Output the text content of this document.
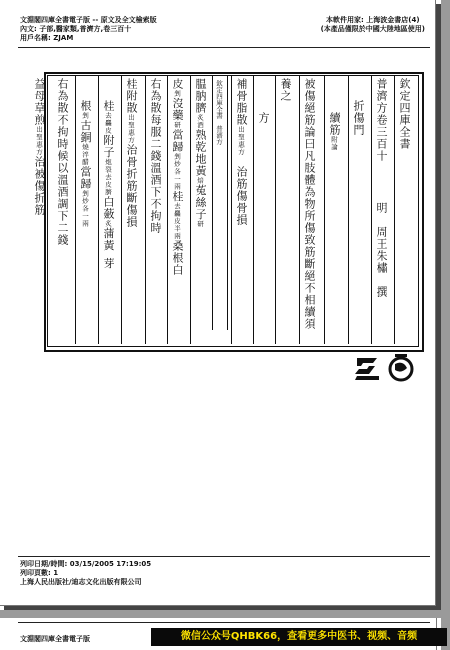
文淵閣四庫全書電子版 -- 原文及全文檢索版
內文: 子部,醫家類,普濟方,卷三百十
用戶名稱: ZJAM
本軟件用家: 上海波金書店(4)
(本產品僅限於中國大陸地區使用)
欽定四庫全書
普濟方卷三百十明　周王朱橚　撰
折傷門
續筋附論
被傷絕筋論曰凡肢體為物所傷致筋斷絕不相續須
養之
方
補骨脂散出聖惠方治筋傷骨損
欽定四庫全書　普濟方
腽肭臍炙酒熟乾地黃焙菟絲子研
皮剉沒藥研當歸剉炒各一兩桂去麤皮半兩桑根白
右為散每服二錢溫酒下不拘時
桂附散出聖惠方治骨折筋斷傷損
桂去麤皮附子炮裂去皮臍白蘞炙蒲黃芽
根剉古銅燒淬醋當歸剉炒各一兩
右為散不拘時候以溫酒調下二錢
益母草煎出聖惠方治被傷折筋
列印日期/時間: 03/15/2005 17:19:05
列印頁數: 1
上海人民出版社/迪志文化出版有限公司
文淵閣四庫全書電子版	微信公众号QHBK66，查看更多中医书、视频、音频
